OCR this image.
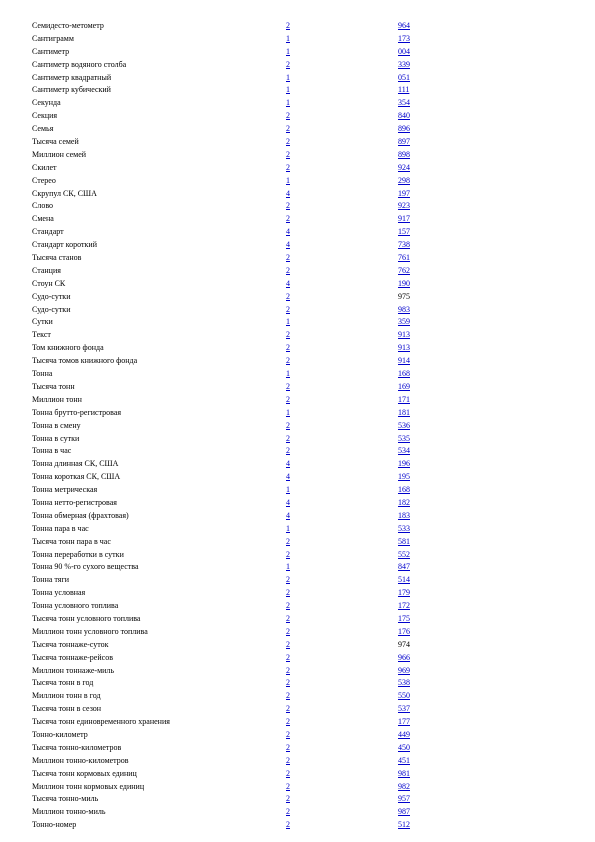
Семидесто-метометр	2	964
Сантиграмм	1	173
Сантиметр	1	004
Сантиметр водяного столба	2	339
Сантиметр квадратный	1	051
Сантиметр кубический	1	111
Секунда	1	354
Секция	2	840
Семья	2	896
Тысяча семей	2	897
Миллион семей	2	898
Скилет	2	924
Стерео	1	298
Скрупул СК, США	4	197
Слово	2	923
Смена	2	917
Стандарт	4	157
Стандарт короткий	4	738
Тысяча станов	2	761
Станция	2	762
Стоун СК	4	190
Судо-сутки	2	975
Судо-сутки	2	983
Сутки	1	359
Текст	2	913
Том книжного фонда	2	913
Тысяча томов книжного фонда	2	914
Тонна	1	168
Тысяча тонн	2	169
Миллион тонн	2	171
Тонна брутто-регистровая	1	181
Тонна в смену	2	536
Тонна в сутки	2	535
Тонна в час	2	534
Тонна длинная СК, США	4	196
Тонна короткая СК, США	4	195
Тонна метрическая	1	168
Тонна нетто-регистровая	4	182
Тонна обмерная (фрахтовая)	4	183
Тонна пара в час	1	533
Тысяча тонн пара в час	2	581
Тонна переработки в сутки	2	552
Тонна 90 %-го сухого вещества	1	847
Тонна тяги	2	514
Тонна условная	2	179
Тонна условного топлива	2	172
Тысяча тонн условного топлива	2	175
Миллион тонн условного топлива	2	176
Тысяча тоннаже-суток	2	974
Тысяча тоннаже-рейсов	2	966
Миллион тоннаже-миль	2	969
Тысяча тонн в год	2	538
Миллион тонн в год	2	550
Тысяча тонн в сезон	2	537
Тысяча тонн единовременного хранения	2	177
Тонно-километр	2	449
Тысяча тонно-километров	2	450
Миллион тонно-километров	2	451
Тысяча тонн кормовых единиц	2	981
Миллион тонн кормовых единиц	2	982
Тысяча тонно-миль	2	957
Миллион тонно-миль	2	987
Тонно-номер	2	512
